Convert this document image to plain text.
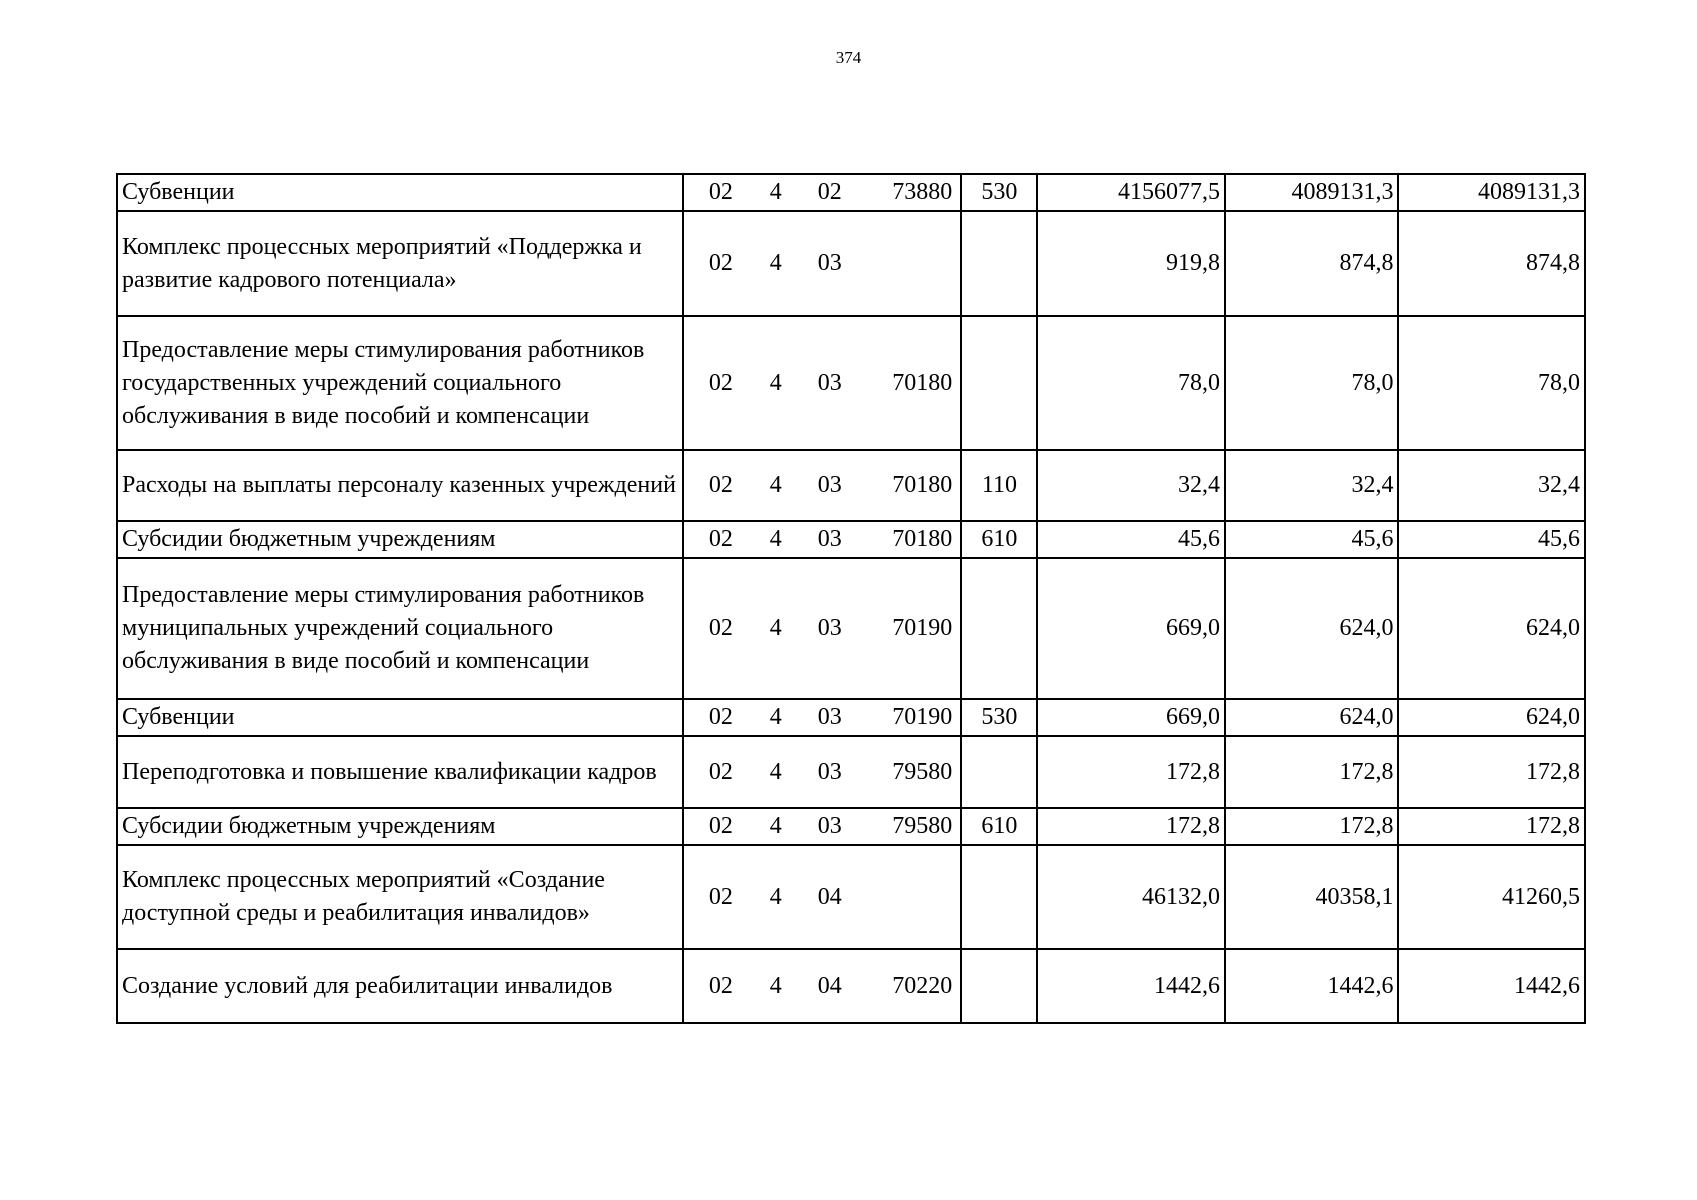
374
Субвенции	02 4 02 73880	530	4156077,5	4089131,3	4089131,3
Комплекс процессных мероприятий «Поддержка и развитие кадрового потенциала»	02 4 03		919,8	874,8	874,8
Предоставление меры стимулирования работников государственных учреждений социального обслуживания в виде пособий и компенсации	02 4 03 70180		78,0	78,0	78,0
Расходы на выплаты персоналу казенных учреждений	02 4 03 70180	110	32,4	32,4	32,4
Субсидии бюджетным учреждениям	02 4 03 70180	610	45,6	45,6	45,6
Предоставление меры стимулирования работников муниципальных учреждений социального обслуживания в виде пособий и компенсации	02 4 03 70190		669,0	624,0	624,0
Субвенции	02 4 03 70190	530	669,0	624,0	624,0
Переподготовка и повышение квалификации кадров	02 4 03 79580		172,8	172,8	172,8
Субсидии бюджетным учреждениям	02 4 03 79580	610	172,8	172,8	172,8
Комплекс процессных мероприятий «Создание доступной среды и реабилитация инвалидов»	02 4 04		46132,0	40358,1	41260,5
Создание условий для реабилитации инвалидов	02 4 04 70220		1442,6	1442,6	1442,6
